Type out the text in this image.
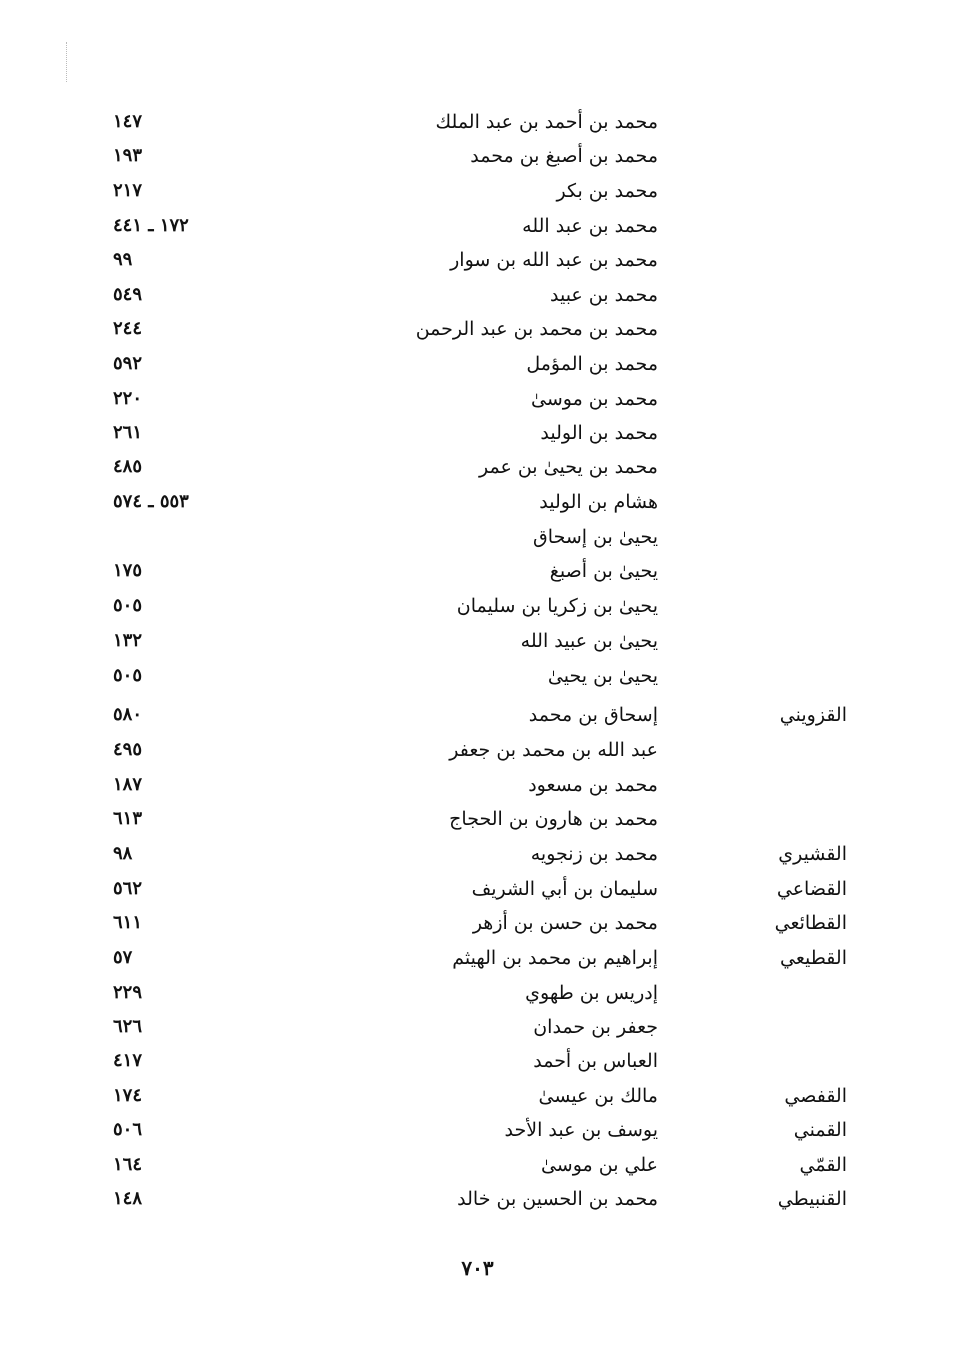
محمد بن أحمد بن عبد الملك
١٤٧
محمد بن أصبغ بن محمد
١٩٣
محمد بن بكر
٢١٧
محمد بن عبد الله
١٧٢ ـ ٤٤١
محمد بن عبد الله بن سوار
٩٩
محمد بن عبيد
٥٤٩
محمد بن محمد بن عبد الرحمن
٢٤٤
محمد بن المؤمل
٥٩٢
محمد بن موسىٰ
٢٢٠
محمد بن الوليد
٢٦١
محمد بن يحيىٰ بن عمر
٤٨٥
هشام بن الوليد
٥٥٣ ـ ٥٧٤
يحيىٰ بن إسحاق
يحيىٰ بن أصبغ
١٧٥
يحيىٰ بن زكريا بن سليمان
٥٠٥
يحيىٰ بن عبيد الله
١٣٢
يحيىٰ بن يحيىٰ
٥٠٥
القزويني
إسحاق بن محمد
٥٨٠
عبد الله بن محمد بن جعفر
٤٩٥
محمد بن مسعود
١٨٧
محمد بن هارون بن الحجاج
٦١٣
القشيري
محمد بن زنجويه
٩٨
القضاعي
سليمان بن أبي الشريف
٥٦٢
القطائعي
محمد بن حسن بن أزهر
٦١١
القطيعي
إبراهيم بن محمد بن الهيثم
٥٧
إدريس بن طهوي
٢٢٩
جعفر بن حمدان
٦٢٦
العباس بن أحمد
٤١٧
القفصي
مالك بن عيسىٰ
١٧٤
القمني
يوسف بن عبد الأحد
٥٠٦
القمّي
علي بن موسىٰ
١٦٤
القنبيطي
محمد بن الحسين بن خالد
١٤٨
٧٠٣
